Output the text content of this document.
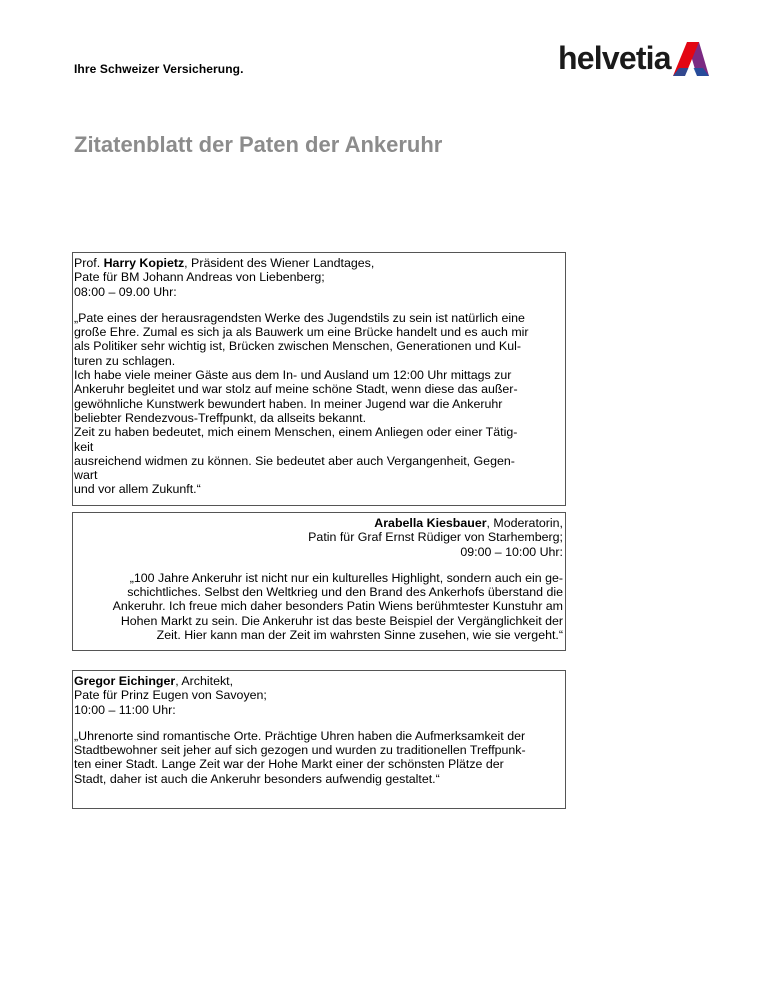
Ihre Schweizer Versicherung.	helvetia
Zitatenblatt der Paten der Ankeruhr

Prof. Harry Kopietz, Präsident des Wiener Landtages,

Pate für BM Johann Andreas von Liebenberg;

08:00 – 09.00 Uhr:

„Pate eines der herausragendsten Werke des Jugendstils zu sein ist natürlich eine

große Ehre. Zumal es sich ja als Bauwerk um eine Brücke handelt und es auch mir

als Politiker sehr wichtig ist, Brücken zwischen Menschen, Generationen und Kul-

turen zu schlagen.

Ich habe viele meiner Gäste aus dem In- und Ausland um 12:00 Uhr mittags zur

Ankeruhr begleitet und war stolz auf meine schöne Stadt, wenn diese das außer-

gewöhnliche Kunstwerk bewundert haben. In meiner Jugend war die Ankeruhr

beliebter Rendezvous-Treffpunkt, da allseits bekannt.

Zeit zu haben bedeutet, mich einem Menschen, einem Anliegen oder einer Tätig-

keit

ausreichend widmen zu können. Sie bedeutet aber auch Vergangenheit, Gegen-

wart

und vor allem Zukunft.“

Arabella Kiesbauer, Moderatorin,

Patin für Graf Ernst Rüdiger von Starhemberg;

09:00 – 10:00 Uhr:

„100 Jahre Ankeruhr ist nicht nur ein kulturelles Highlight, sondern auch ein ge-

schichtliches. Selbst den Weltkrieg und den Brand des Ankerhofs überstand die

Ankeruhr. Ich freue mich daher besonders Patin Wiens berühmtester Kunstuhr am

Hohen Markt zu sein. Die Ankeruhr ist das beste Beispiel der Vergänglichkeit der

Zeit. Hier kann man der Zeit im wahrsten Sinne zusehen, wie sie vergeht.“

Gregor Eichinger, Architekt,

Pate für Prinz Eugen von Savoyen;

10:00 – 11:00 Uhr:

„Uhrenorte sind romantische Orte. Prächtige Uhren haben die Aufmerksamkeit der

Stadtbewohner seit jeher auf sich gezogen und wurden zu traditionellen Treffpunk-

ten einer Stadt. Lange Zeit war der Hohe Markt einer der schönsten Plätze der

Stadt, daher ist auch die Ankeruhr besonders aufwendig gestaltet.“
